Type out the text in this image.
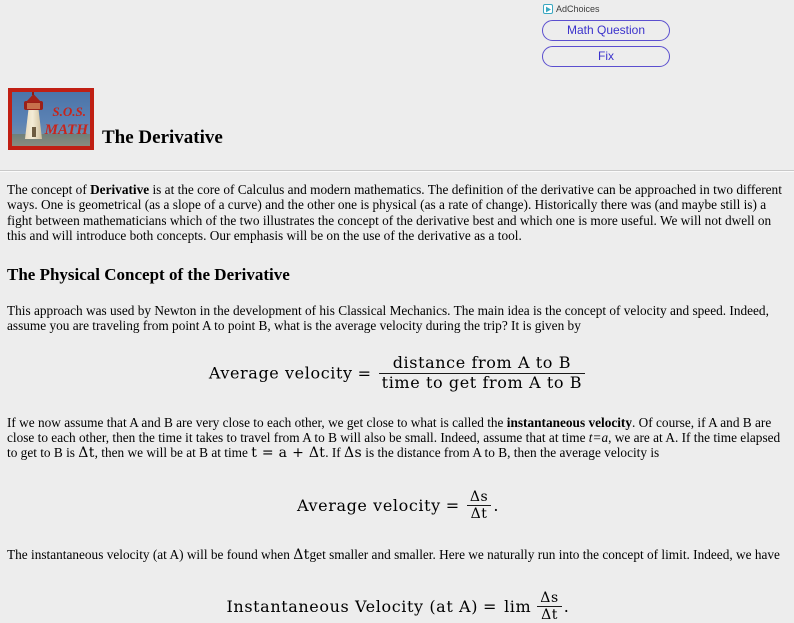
AdChoices
Math Question
Fix
S.O.S.
MATH The Derivative

The concept of Derivative is at the core of Calculus and modern mathematics. The definition of the derivative can be approached in two different ways. One is geometrical (as a slope of a curve) and the other one is physical (as a rate of change). Historically there was (and maybe still is) a fight between mathematicians which of the two illustrates the concept of the derivative best and which one is more useful. We will not dwell on this and will introduce both concepts. Our emphasis will be on the use of the derivative as a tool.

The Physical Concept of the Derivative

This approach was used by Newton in the development of his Classical Mechanics. The main idea is the concept of velocity and speed. Indeed, assume you are traveling from point A to point B, what is the average velocity during the trip? It is given by

Average velocity = $\frac{\text{distance from A to B}}{\text{time to get from A to B}}$

If we now assume that A and B are very close to each other, we get close to what is called the instantaneous velocity. Of course, if A and B are close to each other, then the time it takes to travel from A to B will also be small. Indeed, assume that at time t=a, we are at A. If the time elapsed to get to B is Δt, then we will be at B at time t = a + Δt. If Δs is the distance from A to B, then the average velocity is

Average velocity = $\frac{\Delta s}{\Delta t}$ .

The instantaneous velocity (at A) will be found when Δtget smaller and smaller. Here we naturally run into the concept of limit. Indeed, we have

Instantaneous Velocity (at $A) = \lim \frac{\Delta s}{\Delta t}$ .
